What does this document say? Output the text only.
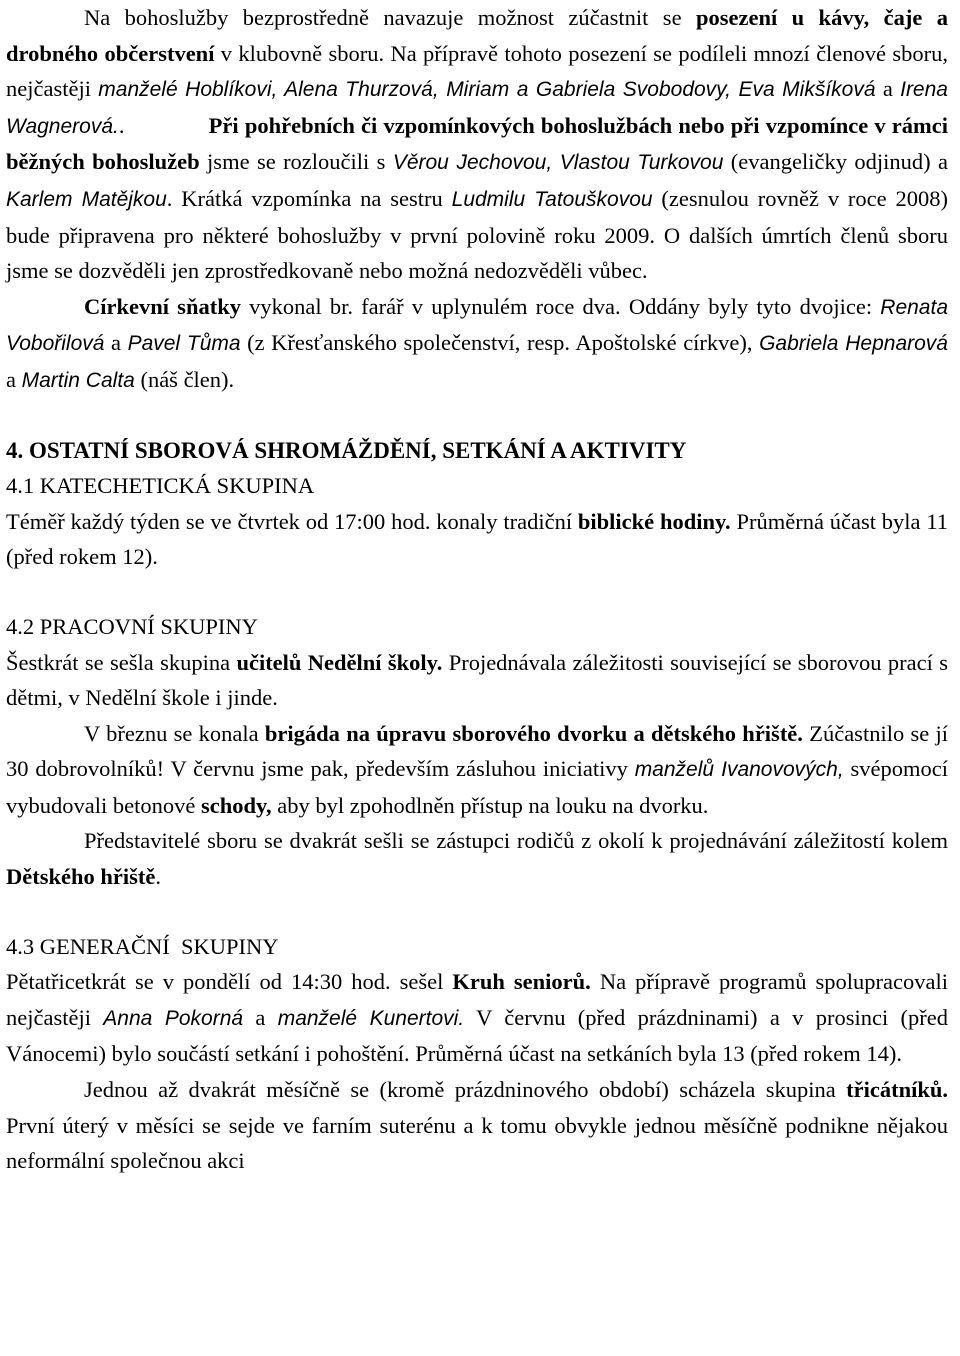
Na bohoslužby bezprostředně navazuje možnost zúčastnit se posezení u kávy, čaje a drobného občerstvení v klubovně sboru. Na přípravě tohoto posezení se podíleli mnozí členové sboru, nejčastěji manželé Hoblíkovi, Alena Thurzová, Miriam a Gabriela Svobodovy, Eva Mikšíková a Irena Wagnerová..	Při pohřebních či vzpomínkových bohoslužbách nebo při vzpomínce v rámci běžných bohoslužeb jsme se rozloučili s Věrou Jechovou, Vlastou Turkovou (evangeličky odjinud) a Karlem Matějkou. Krátká vzpomínka na sestru Ludmilu Tatouškovou (zesnulou rovněž v roce 2008) bude připravena pro některé bohoslužby v první polovině roku 2009. O dalších úmrtích členů sboru jsme se dozvěděli jen zprostředkovaně nebo možná nedozvěděli vůbec.

Církevní sňatky vykonal br. farář v uplynulém roce dva. Oddány byly tyto dvojice: Renata Vobořilová a Pavel Tůma (z Křesťanského společenství, resp. Apoštolské církve), Gabriela Hepnarová a Martin Calta (náš člen).

4. OSTATNÍ SBOROVÁ SHROMÁŽDĚNÍ, SETKÁNÍ A AKTIVITY

4.1 KATECHETICKÁ SKUPINA

Téměř každý týden se ve čtvrtek od 17:00 hod. konaly tradiční biblické hodiny. Průměrná účast byla 11 (před rokem 12).

4.2 PRACOVNÍ SKUPINY

Šestkrát se sešla skupina učitelů Nedělní školy. Projednávala záležitosti související se sborovou prací s dětmi, v Nedělní škole i jinde.

V březnu se konala brigáda na úpravu sborového dvorku a dětského hřiště. Zúčastnilo se jí 30 dobrovolníků! V červnu jsme pak, především zásluhou iniciativy manželů Ivanovových, svépomocí vybudovali betonové schody, aby byl zpohodlněn přístup na louku na dvorku.

Představitelé sboru se dvakrát sešli se zástupci rodičů z okolí k projednávání záležitostí kolem Dětského hřiště.

4.3 GENERAČNÍ  SKUPINY

Pětatřicetkrát se v pondělí od 14:30 hod. sešel Kruh seniorů. Na přípravě programů spolupracovali nejčastěji Anna Pokorná a manželé Kunertovi. V červnu (před prázdninami) a v prosinci (před Vánocemi) bylo součástí setkání i pohoštění. Průměrná účast na setkáních byla 13 (před rokem 14).

Jednou až dvakrát měsíčně se (kromě prázdninového období) scházela skupina třicátníků. První úterý v měsíci se sejde ve farním suterénu a k tomu obvykle jednou měsíčně podnikne nějakou neformální společnou akci
